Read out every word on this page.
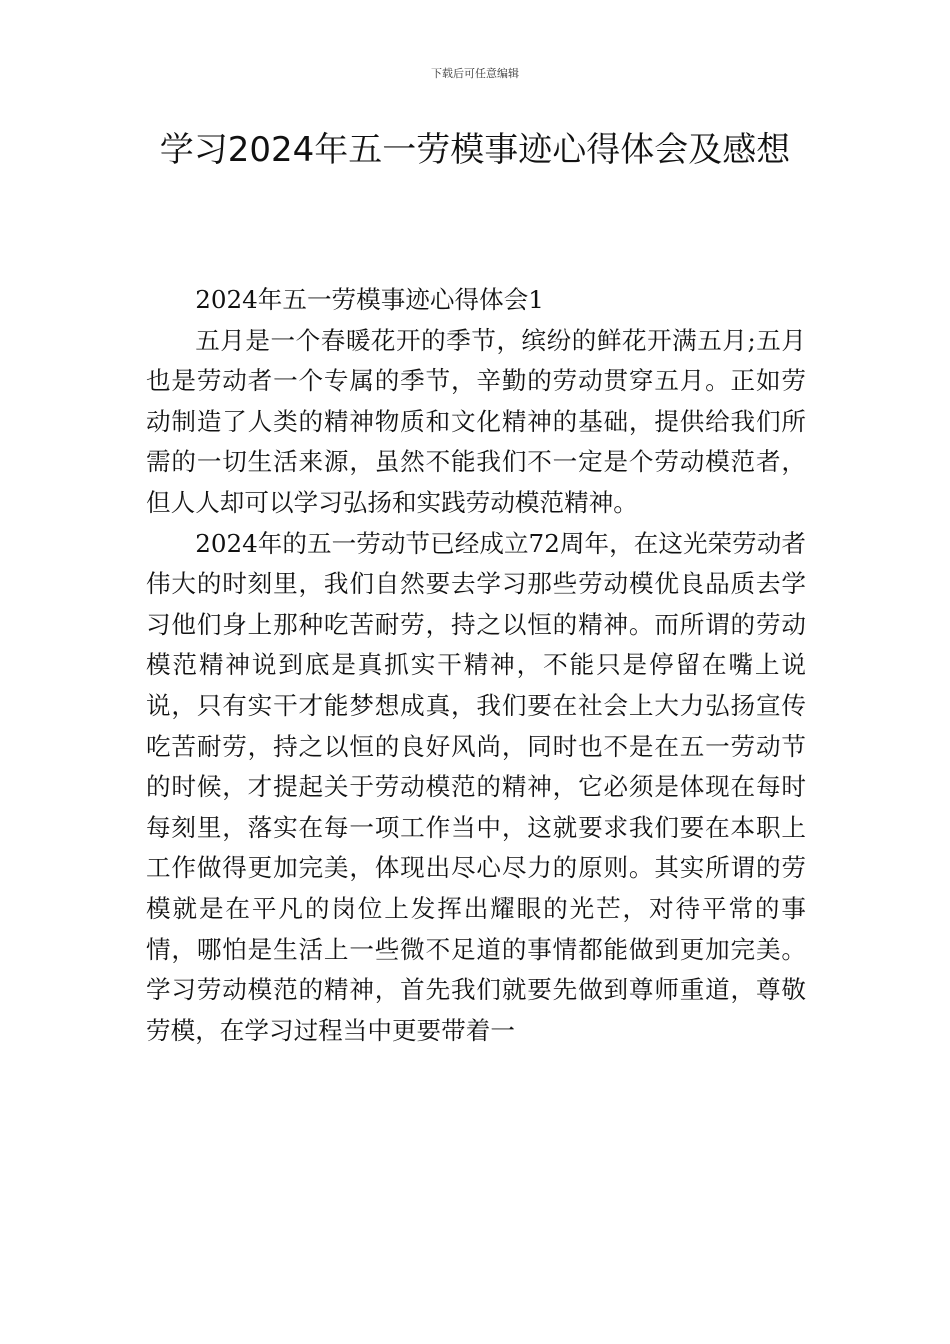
下载后可任意编辑
学习2024年五一劳模事迹心得体会及感想
2024年五一劳模事迹心得体会1

五月是一个春暖花开的季节，缤纷的鲜花开满五月;五月也是劳动者一个专属的季节，辛勤的劳动贯穿五月。正如劳动制造了人类的精神物质和文化精神的基础，提供给我们所需的一切生活来源，虽然不能我们不一定是个劳动模范者，但人人却可以学习弘扬和实践劳动模范精神。

2024年的五一劳动节已经成立72周年，在这光荣劳动者伟大的时刻里，我们自然要去学习那些劳动模优良品质去学习他们身上那种吃苦耐劳，持之以恒的精神。而所谓的劳动模范精神说到底是真抓实干精神，不能只是停留在嘴上说说，只有实干才能梦想成真，我们要在社会上大力弘扬宣传吃苦耐劳，持之以恒的良好风尚，同时也不是在五一劳动节的时候，才提起关于劳动模范的精神，它必须是体现在每时每刻里，落实在每一项工作当中，这就要求我们要在本职上工作做得更加完美，体现出尽心尽力的原则。其实所谓的劳模就是在平凡的岗位上发挥出耀眼的光芒，对待平常的事情，哪怕是生活上一些微不足道的事情都能做到更加完美。学习劳动模范的精神，首先我们就要先做到尊师重道，尊敬劳模，在学习过程当中更要带着一
